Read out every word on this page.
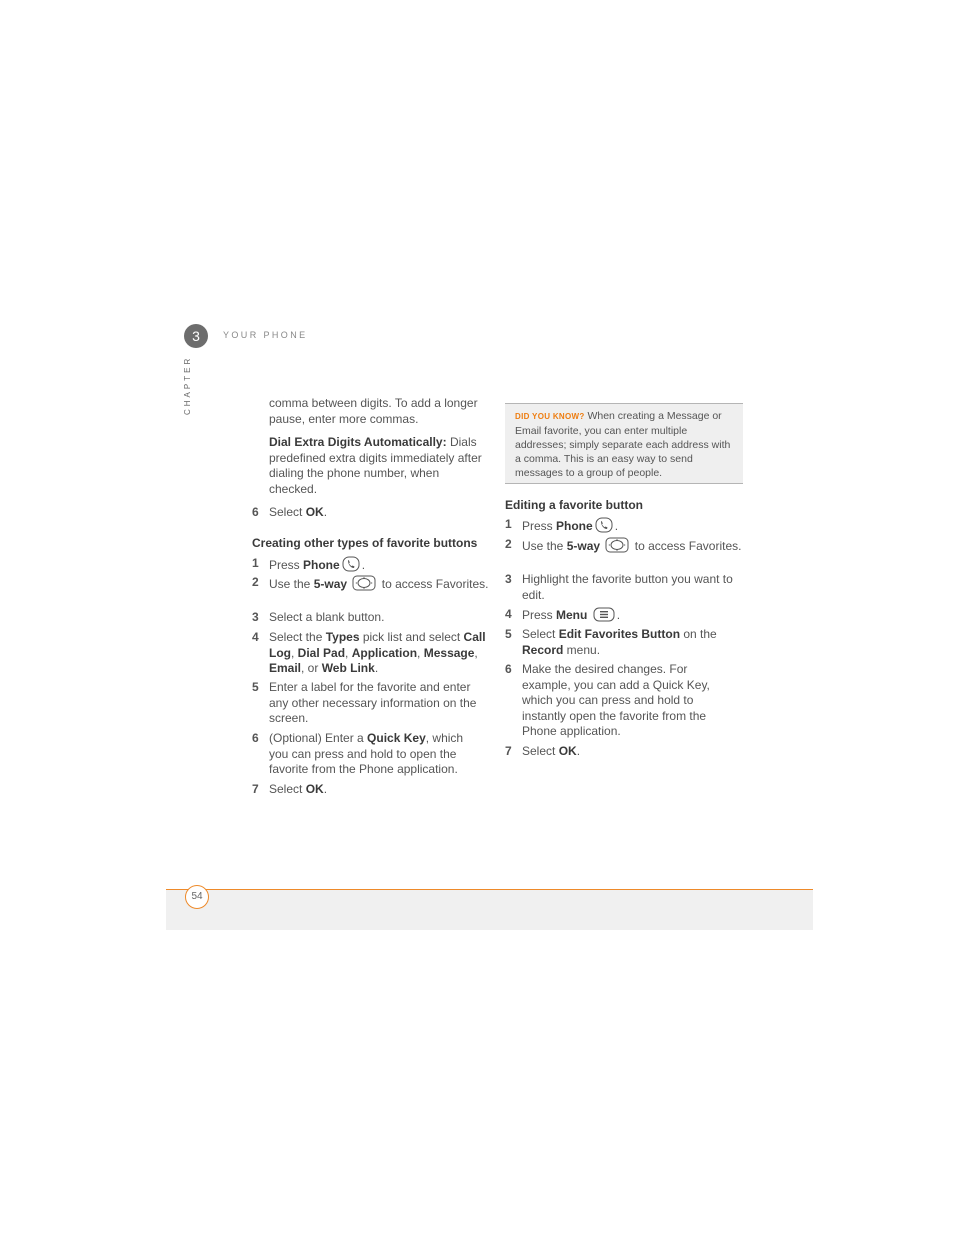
3	YOUR PHONE
CHAPTER	comma between digits. To add a longer pause, enter more commas.
Dial Extra Digits Automatically: Dials predefined extra digits immediately after dialing the phone number, when checked.
6 Select OK.
Creating other types of favorite buttons
1 Press Phone .
2 Use the 5-way	to access Favorites.
3 Select a blank button.
4 Select the Types pick list and select Call Log, Dial Pad, Application, Message, Email, or Web Link.
5 Enter a label for the favorite and enter any other necessary information on the screen.
6 (Optional) Enter a Quick Key, which you can press and hold to open the favorite from the Phone application.
7 Select OK.
DID YOU KNOW? When creating a Message or Email favorite, you can enter multiple addresses; simply separate each address with a comma. This is an easy way to send messages to a group of people.
Editing a favorite button
1 Press Phone .
2 Use the 5-way	to access Favorites.
3 Highlight the favorite button you want to edit.
4 Press Menu .
5 Select Edit Favorites Button on the Record menu.
6 Make the desired changes. For example, you can add a Quick Key, which you can press and hold to instantly open the favorite from the Phone application.
7 Select OK.
54
